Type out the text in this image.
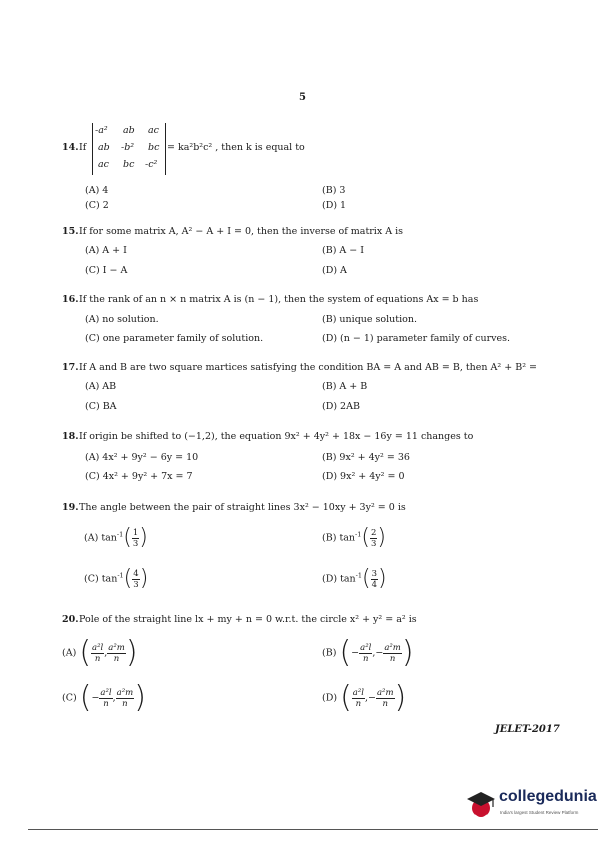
5
14. If
-a² ab ac
ab -b² bc
ac bc -c²
= ka²b²c² , then k is equal to
(A) 4	(B) 3
(C) 2	(D) 1
15. If for some matrix A, A² − A + I = 0, then the inverse of matrix A is
(A) A + I	(B) A − I
(C) I − A	(D) A
16. If the rank of an n × n matrix A is (n − 1), then the system of equations Ax = b has
(A) no solution.	(B) unique solution.
(C) one parameter family of solution.	(D) (n − 1) parameter family of curves.
17. If A and B are two square martices satisfying the condition BA = A and AB = B, then A² + B² =
(A) AB	(B) A + B
(C) BA	(D) 2AB
18. If origin be shifted to (−1,2), the equation 9x² + 4y² + 18x − 16y = 11 changes to
(A) 4x² + 9y² − 6y = 10	(B) 9x² + 4y² = 36
(C) 4x² + 9y² + 7x = 7	(D) 9x² + 4y² = 0
19. The angle between the pair of straight lines 3x² − 10xy + 3y² = 0 is
(A) $\tan^{-1}( \frac{1}{3}$ )	(B) $\tan^{-1}( \frac{2}{3}$ )
(C) $\tan^{-1}( \frac{4}{3}$ )	(D) $\tan^{-1}( \frac{3}{4}$ )
20. Pole of the straight line lx + my + n = 0 w.r.t. the circle x² + y² = a² is
(A) ( $\frac{\text{a²l}}{n}$ , $\frac{\text{a²m}}{n}$ )	(B) (− $\frac{\text{a²l}}{n}$ ,− $\frac{\text{a²m}}{n}$ )
(C) (− $\frac{\text{a²l}}{n}$ , $\frac{\text{a²m}}{n}$ )	(D) ( $\frac{\text{a²l}}{n}$ ,− $\frac{\text{a²m}}{n}$ )
JELET-2017
collegedunia
India's largest Student Review Platform
